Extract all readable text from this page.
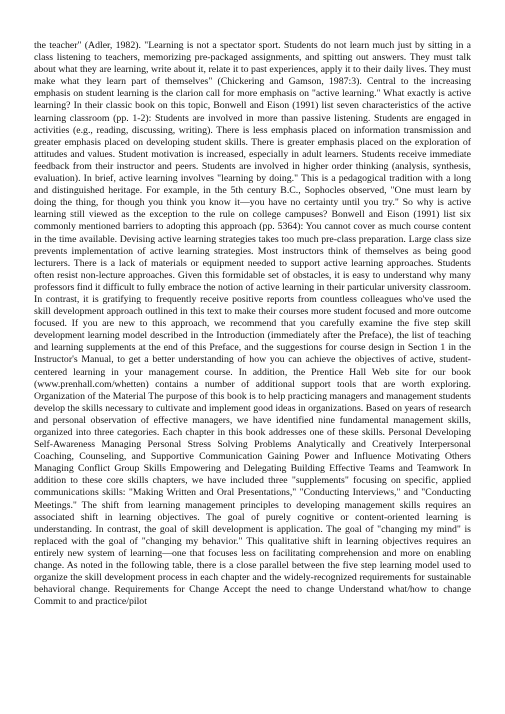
the teacher" (Adler, 1982). "Learning is not a spectator sport. Students do not learn much just by sitting in a class listening to teachers, memorizing pre-packaged assignments, and spitting out answers. They must talk about what they are learning, write about it, relate it to past experiences, apply it to their daily lives. They must make what they learn part of themselves" (Chickering and Gamson, 1987:3). Central to the increasing emphasis on student learning is the clarion call for more emphasis on "active learning." What exactly is active learning? In their classic book on this topic, Bonwell and Eison (1991) list seven characteristics of the active learning classroom (pp. 1-2): Students are involved in more than passive listening. Students are engaged in activities (e.g., reading, discussing, writing). There is less emphasis placed on information transmission and greater emphasis placed on developing student skills. There is greater emphasis placed on the exploration of attitudes and values. Student motivation is increased, especially in adult learners. Students receive immediate feedback from their instructor and peers. Students are involved in higher order thinking (analysis, synthesis, evaluation). In brief, active learning involves "learning by doing." This is a pedagogical tradition with a long and distinguished heritage. For example, in the 5th century B.C., Sophocles observed, "One must learn by doing the thing, for though you think you know it—you have no certainty until you try." So why is active learning still viewed as the exception to the rule on college campuses? Bonwell and Eison (1991) list six commonly mentioned barriers to adopting this approach (pp. 5364): You cannot cover as much course content in the time available. Devising active learning strategies takes too much pre-class preparation. Large class size prevents implementation of active learning strategies. Most instructors think of themselves as being good lecturers. There is a lack of materials or equipment needed to support active learning approaches. Students often resist non-lecture approaches. Given this formidable set of obstacles, it is easy to understand why many professors find it difficult to fully embrace the notion of active learning in their particular university classroom. In contrast, it is gratifying to frequently receive positive reports from countless colleagues who've used the skill development approach outlined in this text to make their courses more student focused and more outcome focused. If you are new to this approach, we recommend that you carefully examine the five step skill development learning model described in the Introduction (immediately after the Preface), the list of teaching and learning supplements at the end of this Preface, and the suggestions for course design in Section 1 in the Instructor's Manual, to get a better understanding of how you can achieve the objectives of active, student-centered learning in your management course. In addition, the Prentice Hall Web site for our book (www.prenhall.com/whetten) contains a number of additional support tools that are worth exploring. Organization of the Material The purpose of this book is to help practicing managers and management students develop the skills necessary to cultivate and implement good ideas in organizations. Based on years of research and personal observation of effective managers, we have identified nine fundamental management skills, organized into three categories. Each chapter in this book addresses one of these skills. Personal Developing Self-Awareness Managing Personal Stress Solving Problems Analytically and Creatively Interpersonal Coaching, Counseling, and Supportive Communication Gaining Power and Influence Motivating Others Managing Conflict Group Skills Empowering and Delegating Building Effective Teams and Teamwork In addition to these core skills chapters, we have included three "supplements" focusing on specific, applied communications skills: "Making Written and Oral Presentations," "Conducting Interviews," and "Conducting Meetings." The shift from learning management principles to developing management skills requires an associated shift in learning objectives. The goal of purely cognitive or content-oriented learning is understanding. In contrast, the goal of skill development is application. The goal of "changing my mind" is replaced with the goal of "changing my behavior." This qualitative shift in learning objectives requires an entirely new system of learning—one that focuses less on facilitating comprehension and more on enabling change. As noted in the following table, there is a close parallel between the five step learning model used to organize the skill development process in each chapter and the widely-recognized requirements for sustainable behavioral change. Requirements for Change Accept the need to change Understand what/how to change Commit to and practice/pilot
